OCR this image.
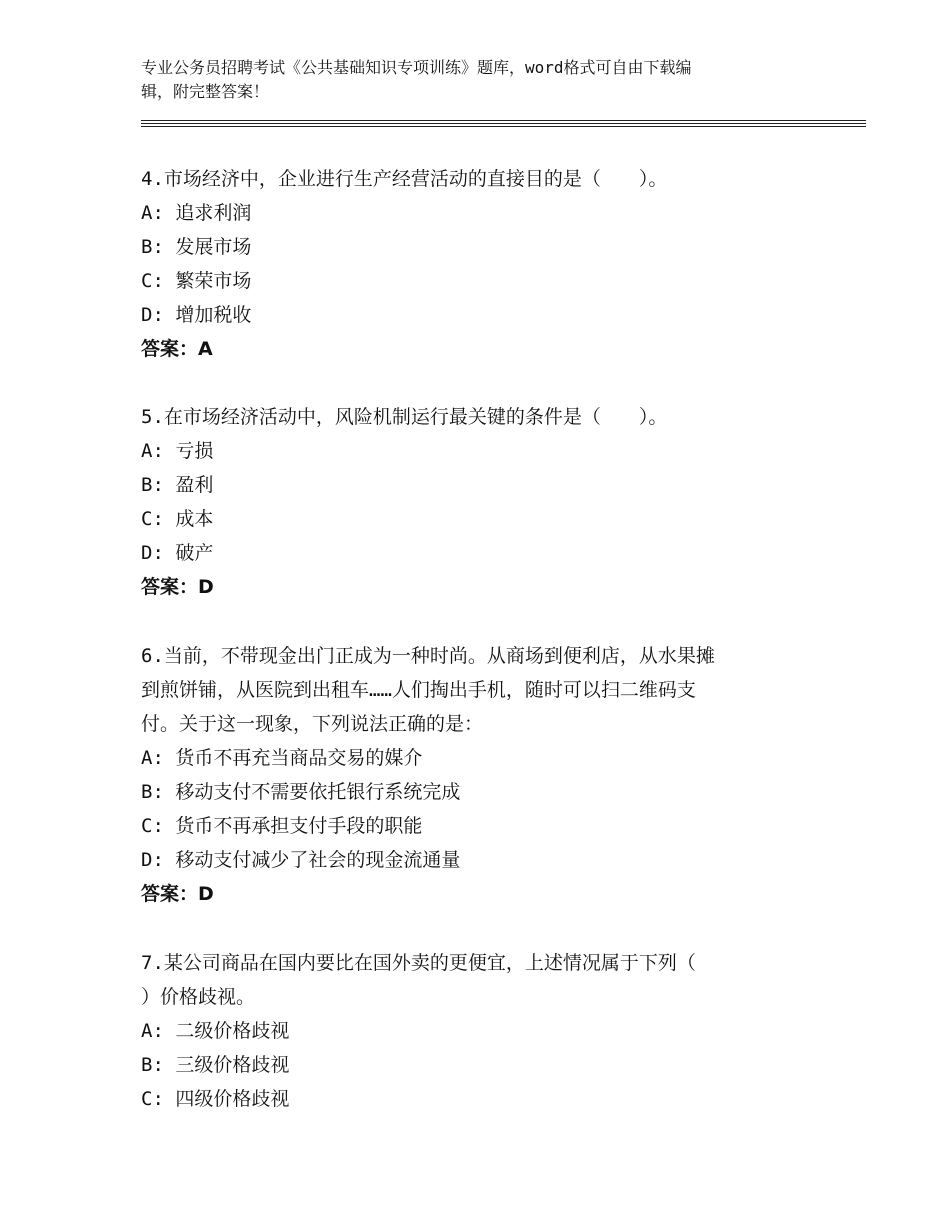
专业公务员招聘考试《公共基础知识专项训练》题库，word格式可自由下载编
辑，附完整答案！
4.市场经济中，企业进行生产经营活动的直接目的是（　　）。
A: 追求利润
B: 发展市场
C: 繁荣市场
D: 增加税收
答案：A
5.在市场经济活动中，风险机制运行最关键的条件是（　　）。
A: 亏损
B: 盈利
C: 成本
D: 破产
答案：D
6.当前，不带现金出门正成为一种时尚。从商场到便利店，从水果摊
到煎饼铺，从医院到出租车……人们掏出手机，随时可以扫二维码支
付。关于这一现象，下列说法正确的是：
A: 货币不再充当商品交易的媒介
B: 移动支付不需要依托银行系统完成
C: 货币不再承担支付手段的职能
D: 移动支付减少了社会的现金流通量
答案：D
7.某公司商品在国内要比在国外卖的更便宜，上述情况属于下列（
）价格歧视。
A: 二级价格歧视
B: 三级价格歧视
C: 四级价格歧视
